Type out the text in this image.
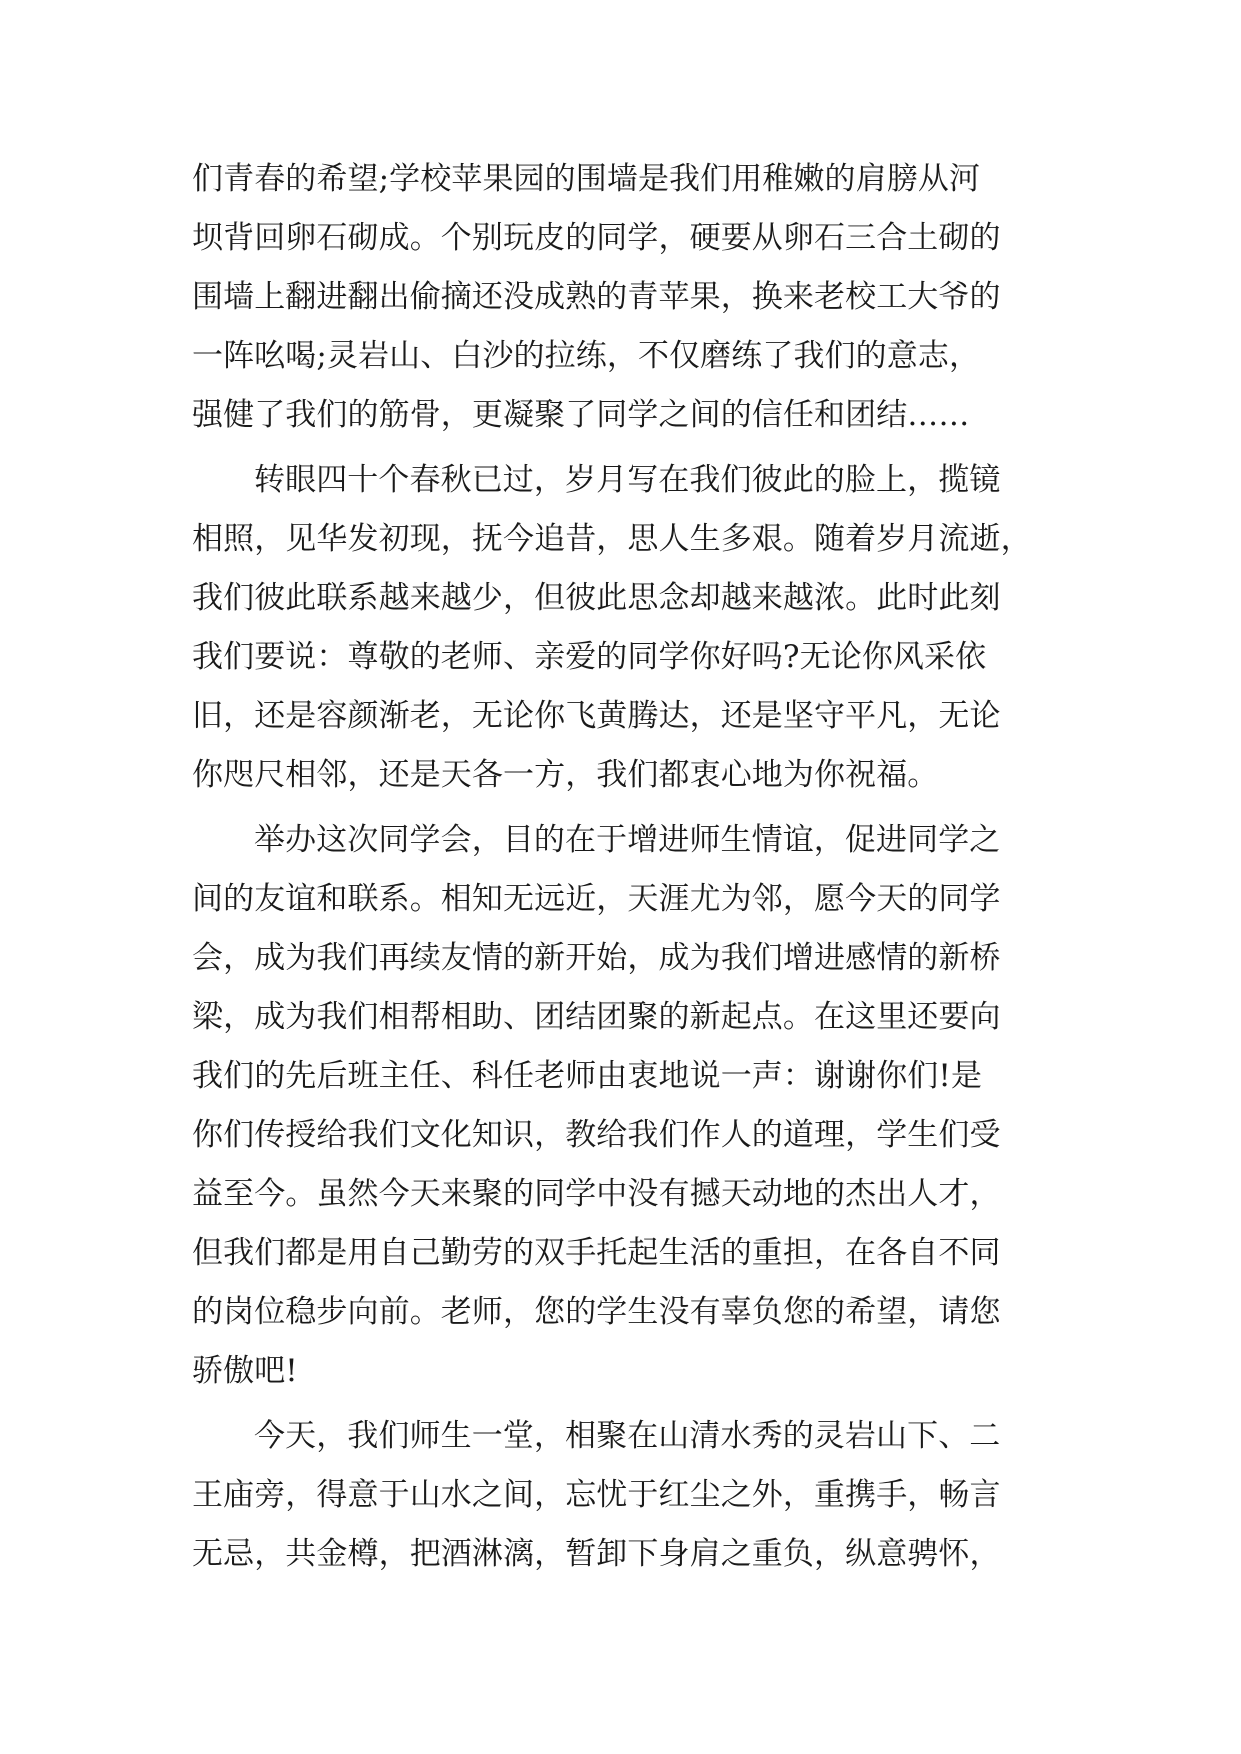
们青春的希望;学校苹果园的围墙是我们用稚嫩的肩膀从河
坝背回卵石砌成。个别玩皮的同学，硬要从卵石三合土砌的
围墙上翻进翻出偷摘还没成熟的青苹果，换来老校工大爷的
一阵吆喝;灵岩山、白沙的拉练，不仅磨练了我们的意志，
强健了我们的筋骨，更凝聚了同学之间的信任和团结……
转眼四十个春秋已过，岁月写在我们彼此的脸上，揽镜
相照，见华发初现，抚今追昔，思人生多艰。随着岁月流逝，
我们彼此联系越来越少，但彼此思念却越来越浓。此时此刻
我们要说：尊敬的老师、亲爱的同学你好吗?无论你风采依
旧，还是容颜渐老，无论你飞黄腾达，还是坚守平凡，无论
你咫尺相邻，还是天各一方，我们都衷心地为你祝福。
举办这次同学会，目的在于增进师生情谊，促进同学之
间的友谊和联系。相知无远近，天涯尤为邻，愿今天的同学
会，成为我们再续友情的新开始，成为我们增进感情的新桥
梁，成为我们相帮相助、团结团聚的新起点。在这里还要向
我们的先后班主任、科任老师由衷地说一声：谢谢你们!是
你们传授给我们文化知识，教给我们作人的道理，学生们受
益至今。虽然今天来聚的同学中没有撼天动地的杰出人才，
但我们都是用自己勤劳的双手托起生活的重担，在各自不同
的岗位稳步向前。老师，您的学生没有辜负您的希望，请您
骄傲吧!
今天，我们师生一堂，相聚在山清水秀的灵岩山下、二
王庙旁，得意于山水之间，忘忧于红尘之外，重携手，畅言
无忌，共金樽，把酒淋漓，暂卸下身肩之重负，纵意骋怀，
